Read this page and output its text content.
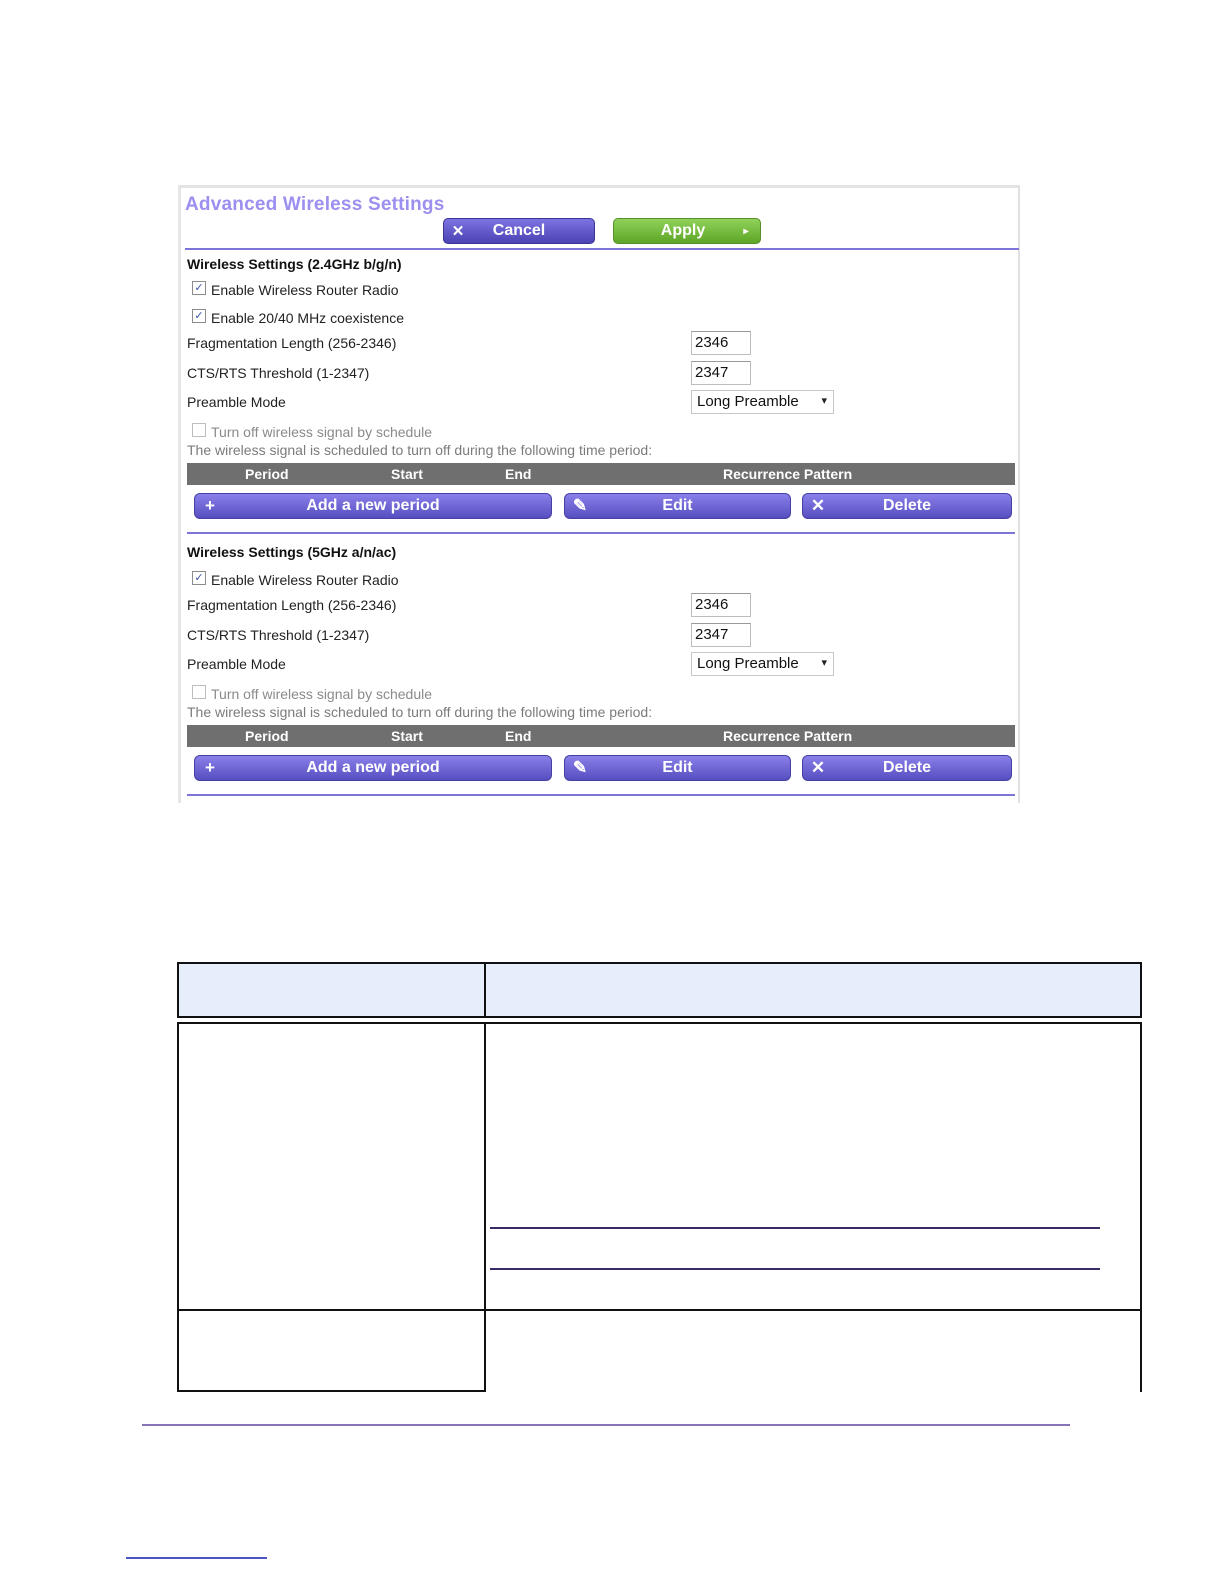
Advanced Wireless Settings
✕	Cancel	Apply	▸
Wireless Settings (2.4GHz b/g/n)
✓ Enable Wireless Router Radio
✓ Enable 20/40 MHz coexistence
Fragmentation Length (256-2346)	2346
CTS/RTS Threshold (1-2347)	2347
Preamble Mode	Long Preamble ▾
Turn off wireless signal by schedule
The wireless signal is scheduled to turn off during the following time period:
Period	Start	End	Recurrence Pattern
+	Add a new period	✎	Edit	✕	Delete
Wireless Settings (5GHz a/n/ac)
✓ Enable Wireless Router Radio
Fragmentation Length (256-2346)	2346
CTS/RTS Threshold (1-2347)	2347
Preamble Mode	Long Preamble ▾
Turn off wireless signal by schedule
The wireless signal is scheduled to turn off during the following time period:
Period	Start	End	Recurrence Pattern
+	Add a new period	✎	Edit	✕	Delete
